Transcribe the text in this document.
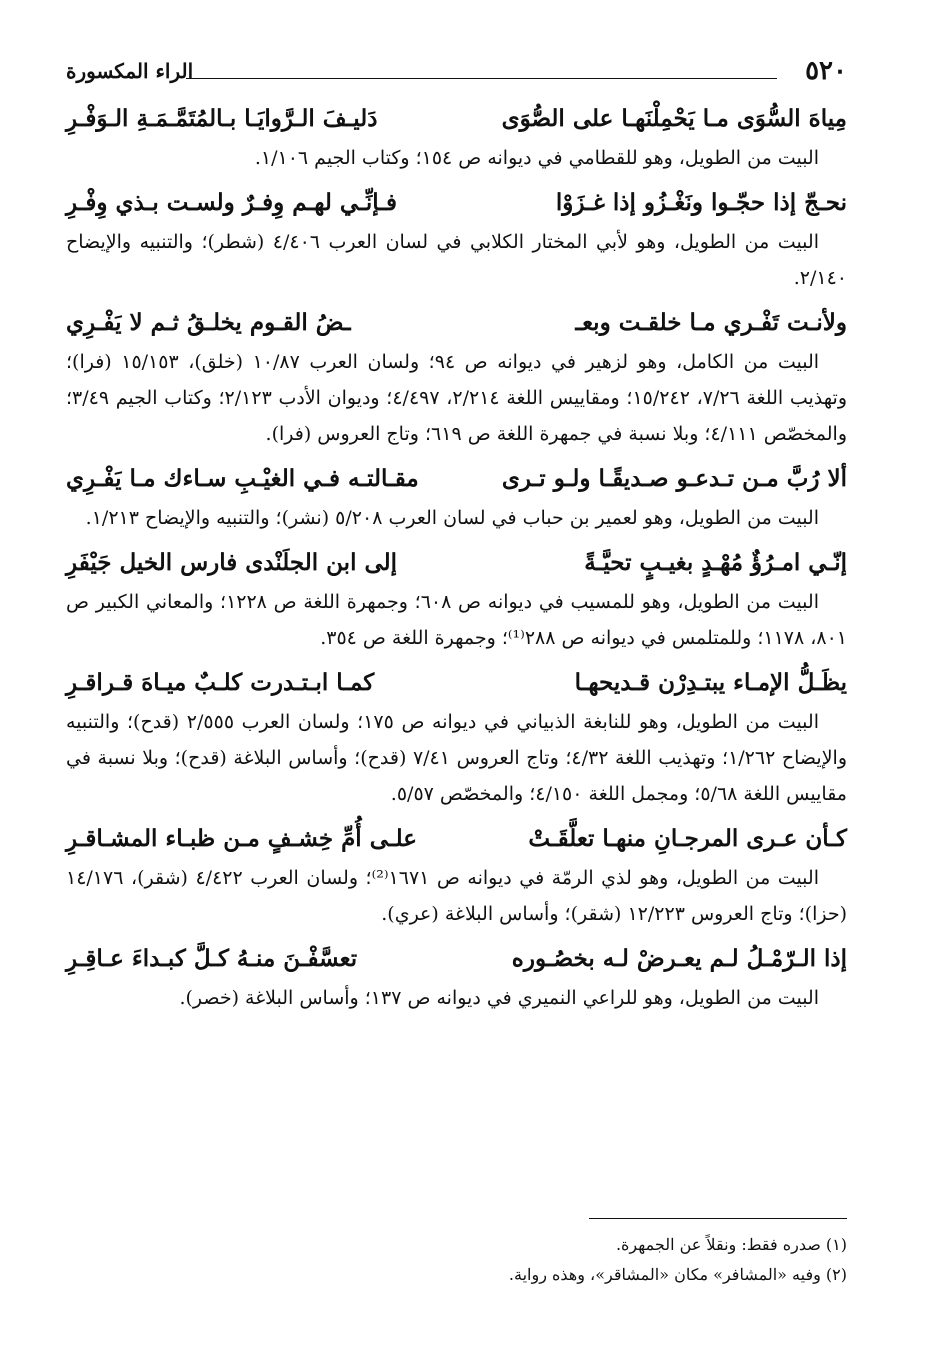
٥٢٠
الراء المكسورة
مِياهَ السُّوَى مـا يَحْمِلْنَهـا على الصُّوَى
دَليـفَ الـرَّوايَـا بـالمُتَمَّـمَـةِ الـوَفْـرِ

البيت من الطويل، وهو للقطامي في ديوانه ص ١٥٤؛ وكتاب الجيم ١/١٠٦.

نحـجّ إذا حجّـوا ونَغْـزُو إذا غـزَوْا
فـإنِّـي لهـم وِفـرٌ ولسـت بـذي وِفْـرِ

البيت من الطويل، وهو لأبي المختار الكلابي في لسان العرب ٤/٤٠٦ (شطر)؛ والتنبيه والإيضاح ٢/١٤٠.

ولأنـت تَفْـري مـا خلقـت وبعـ
ـضُ القـوم يخلـقُ ثـم لا يَفْـرِي

البيت من الكامل، وهو لزهير في ديوانه ص ٩٤؛ ولسان العرب ١٠/٨٧ (خلق)، ١٥/١٥٣ (فرا)؛ وتهذيب اللغة ٧/٢٦، ١٥/٢٤٢؛ ومقاييس اللغة ٢/٢١٤، ٤/٤٩٧؛ وديوان الأدب ٢/١٢٣؛ وكتاب الجيم ٣/٤٩؛ والمخصّص ٤/١١١؛ وبلا نسبة في جمهرة اللغة ص ٦١٩؛ وتاج العروس (فرا).

ألا رُبَّ مـن تـدعـو صـديقًـا ولـو تـرى
مقـالتـه فـي الغيْـبِ سـاءك مـا يَفْـرِي

البيت من الطويل، وهو لعمير بن حباب في لسان العرب ٥/٢٠٨ (نشر)؛ والتنبيه والإيضاح ١/٢١٣.

إنّـي امـرُؤٌ مُهْـدٍ بغيـبٍ تحيَّـةً
إلى ابن الجلَنْدى فارس الخيل جَيْفَرِ

البيت من الطويل، وهو للمسيب في ديوانه ص ٦٠٨؛ وجمهرة اللغة ص ١٢٢٨؛ والمعاني الكبير ص ٨٠١، ١١٧٨؛ وللمتلمس في ديوانه ص ٢٨٨⁽¹⁾؛ وجمهرة اللغة ص ٣٥٤.

يظَـلُّ الإمـاء يبتـدِرْن قـديحهـا
كمـا ابـتـدرت كلـبٌ ميـاهَ قـراقـرِ

البيت من الطويل، وهو للنابغة الذبياني في ديوانه ص ١٧٥؛ ولسان العرب ٢/٥٥٥ (قدح)؛ والتنبيه والإيضاح ١/٢٦٢؛ وتهذيب اللغة ٤/٣٢؛ وتاج العروس ٧/٤١ (قدح)؛ وأساس البلاغة (قدح)؛ وبلا نسبة في مقاييس اللغة ٥/٦٨؛ ومجمل اللغة ٤/١٥٠؛ والمخصّص ٥/٥٧.

كـأن عـرى المرجـانِ منهـا تعلَّقَـتْ
علـى أُمِّ خِشـفٍ مـن ظبـاء المشـاقـرِ

البيت من الطويل، وهو لذي الرمّة في ديوانه ص ١٦٧١⁽²⁾؛ ولسان العرب ٤/٤٢٢ (شقر)، ١٤/١٧٦ (حزا)؛ وتاج العروس ١٢/٢٢٣ (شقر)؛ وأساس البلاغة (عري).

إذا الـرّمْـلُ لـم يعـرضْ لـه بخصُـوره
تعسَّفْـنَ منـهُ كـلَّ كبـداءَ عـاقِـرِ

البيت من الطويل، وهو للراعي النميري في ديوانه ص ١٣٧؛ وأساس البلاغة (خصر).

(١) صدره فقط: ونقلاً عن الجمهرة.

(٢) وفيه «المشافر» مكان «المشاقر»، وهذه رواية.
